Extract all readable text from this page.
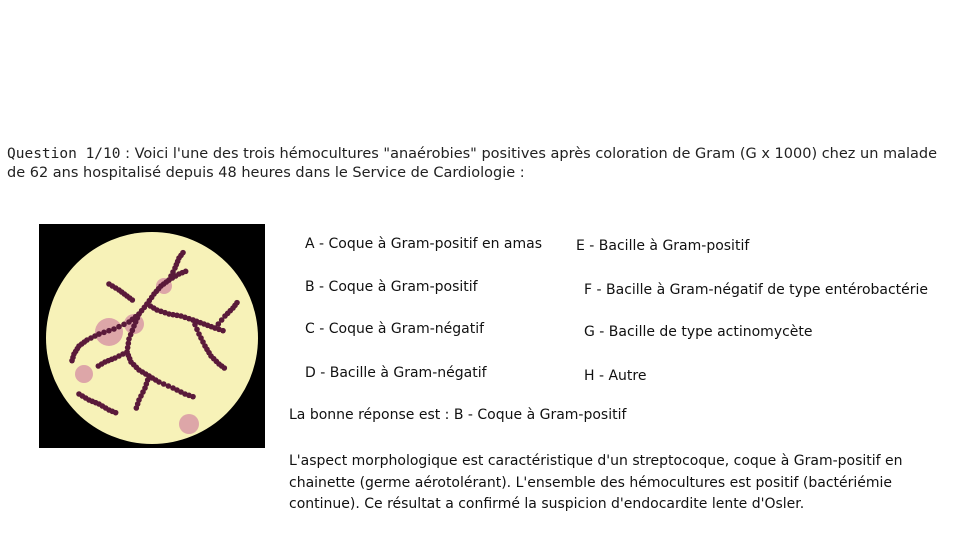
Question 1/10 : Voici l'une des trois hémocultures "anaérobies" positives après coloration de Gram (G x 1000) chez un malade de 62 ans hospitalisé depuis 48 heures dans le Service de Cardiologie :
A - Coque à Gram-positif en amas
B - Coque à Gram-positif
C - Coque à Gram-négatif
D - Bacille à Gram-négatif
E - Bacille à Gram-positif
F - Bacille à Gram-négatif de type entérobactérie
G - Bacille de type actinomycète
H - Autre
La bonne réponse est : B - Coque à Gram-positif
L'aspect morphologique est caractéristique d'un streptocoque, coque à Gram-positif en chainette (germe aérotolérant). L'ensemble des hémocultures est positif (bactériémie continue). Ce résultat a confirmé la suspicion d'endocardite lente d'Osler.
